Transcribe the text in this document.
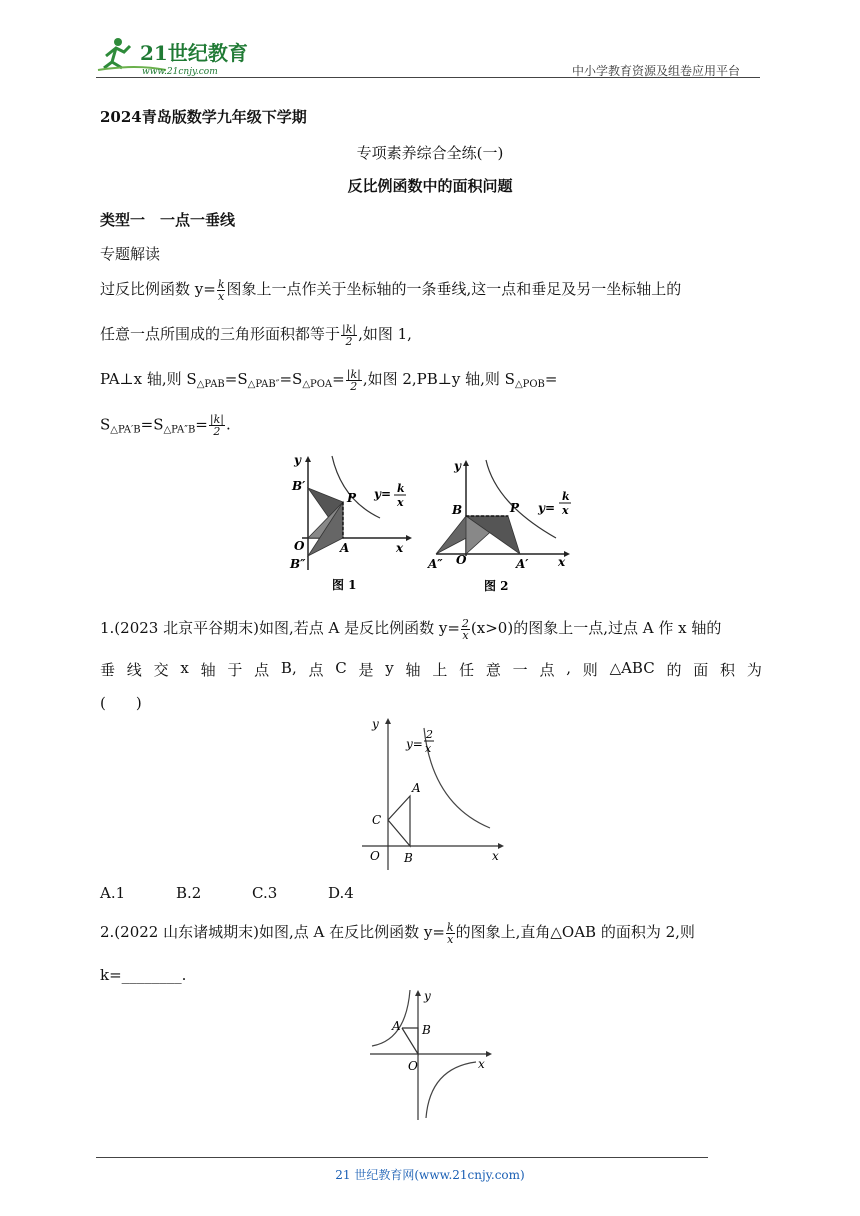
21世纪教育
www.21cnjy.com	中小学教育资源及组卷应用平台
2024青岛版数学九年级下学期
专项素养综合全练(一)
反比例函数中的面积问题
类型一　一点一垂线
专题解读
过反比例函数 $y= \frac{k}{x}$ 图象上一点作关于坐标轴的一条垂线,这一点和垂足及另一坐标轴上的
任意一点所围成的三角形面积都等于 $\frac{|k|}{2}$ ,如图 1,
PA⊥x 轴,则 $S_{\triangle PAB}=S_{\triangle PAB''}=S_{\triangle POA}= \frac{|k|}{2}$ ,如图 2,PB⊥y 轴,则 $S_{\triangle POB}=$
$S_{\triangle PA'B}=S_{\triangle PA''B}= \frac{|k|}{2}$ .
y
x
B′
P
O	A
B″
y= k
x
图 1
y
x
B	P
A″ O	A′
y=
k
x
图 2
1.(2023 北京平谷期末)如图,若点 A 是反比例函数 $y= \frac{2}{x} (x>0)$的图象上一点,过点 A 作 x 轴的
垂 线 交 x 轴 于 点 B, 点 C 是 y 轴 上 任 意 一 点 , 则 △ABC 的 面 积 为
(　　)
y
x
O B
C
A
y=
2
x
A.1	B.2	C.3	D.4
2.(2022 山东诸城期末)如图,点 A 在反比例函数 $y= \frac{k}{x}$ 的图象上,直角△OAB 的面积为 2,则
k=________.
y
x
O
A B
21 世纪教育网(www.21cnjy.com)
